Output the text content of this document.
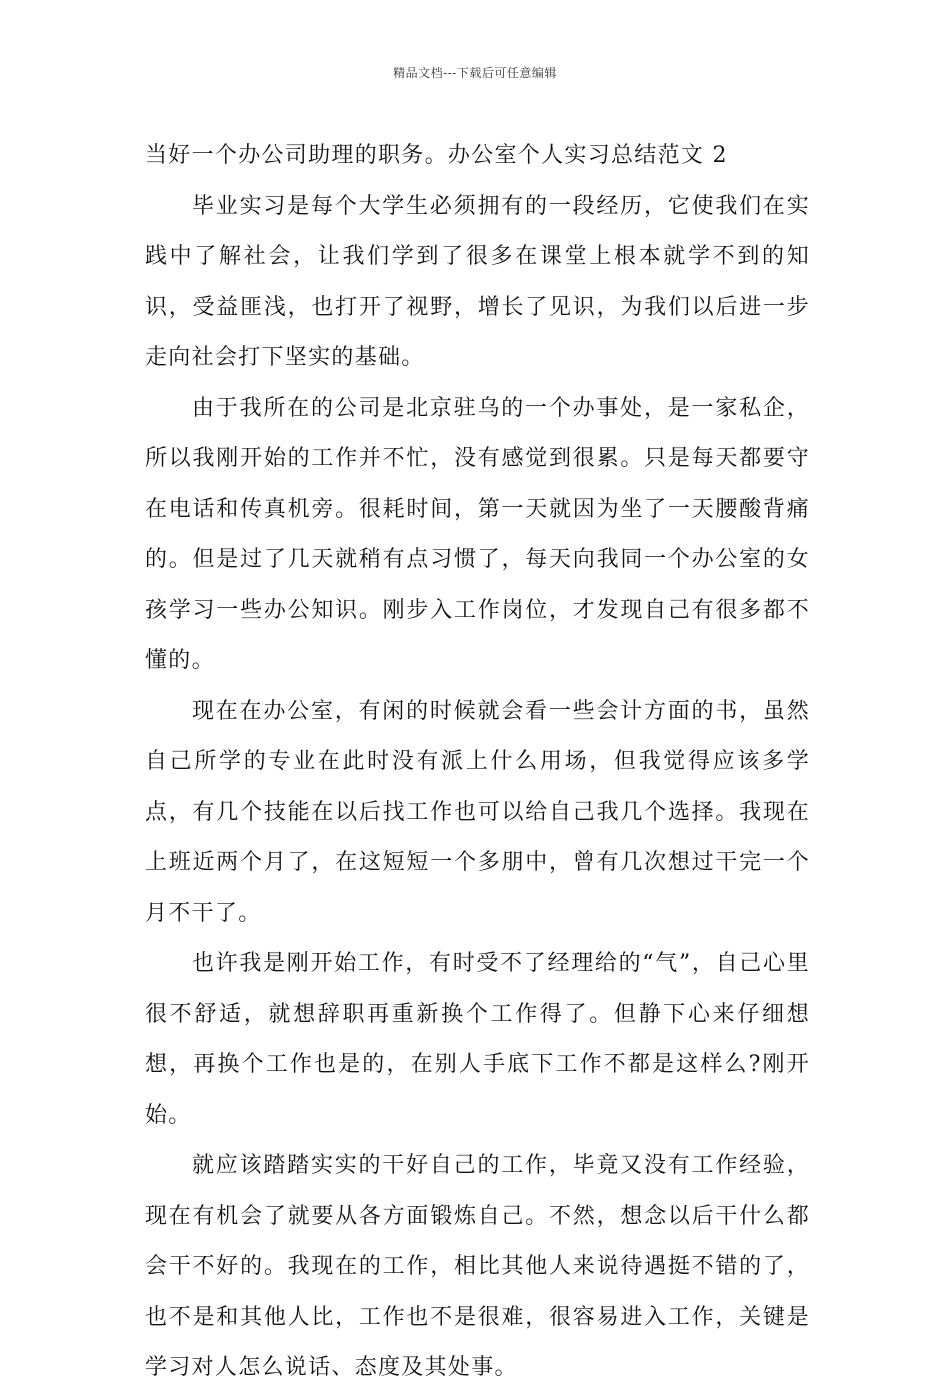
精品文档---下载后可任意编辑

当好一个办公司助理的职务。办公室个人实习总结范文 2

毕业实习是每个大学生必须拥有的一段经历，它使我们在实践中了解社会，让我们学到了很多在课堂上根本就学不到的知识，受益匪浅，也打开了视野，增长了见识，为我们以后进一步走向社会打下坚实的基础。

由于我所在的公司是北京驻乌的一个办事处，是一家私企，所以我刚开始的工作并不忙，没有感觉到很累。只是每天都要守在电话和传真机旁。很耗时间，第一天就因为坐了一天腰酸背痛的。但是过了几天就稍有点习惯了，每天向我同一个办公室的女孩学习一些办公知识。刚步入工作岗位，才发现自己有很多都不懂的。

现在在办公室，有闲的时候就会看一些会计方面的书，虽然自己所学的专业在此时没有派上什么用场，但我觉得应该多学点，有几个技能在以后找工作也可以给自己我几个选择。我现在上班近两个月了，在这短短一个多朋中，曾有几次想过干完一个月不干了。

也许我是刚开始工作，有时受不了经理给的“气”，自己心里很不舒适，就想辞职再重新换个工作得了。但静下心来仔细想想，再换个工作也是的，在别人手底下工作不都是这样么?刚开始。

就应该踏踏实实的干好自己的工作，毕竟又没有工作经验，现在有机会了就要从各方面锻炼自己。不然，想念以后干什么都会干不好的。我现在的工作，相比其他人来说待遇挺不错的了，也不是和其他人比，工作也不是很难，很容易进入工作，关键是学习对人怎么说话、态度及其处事。
